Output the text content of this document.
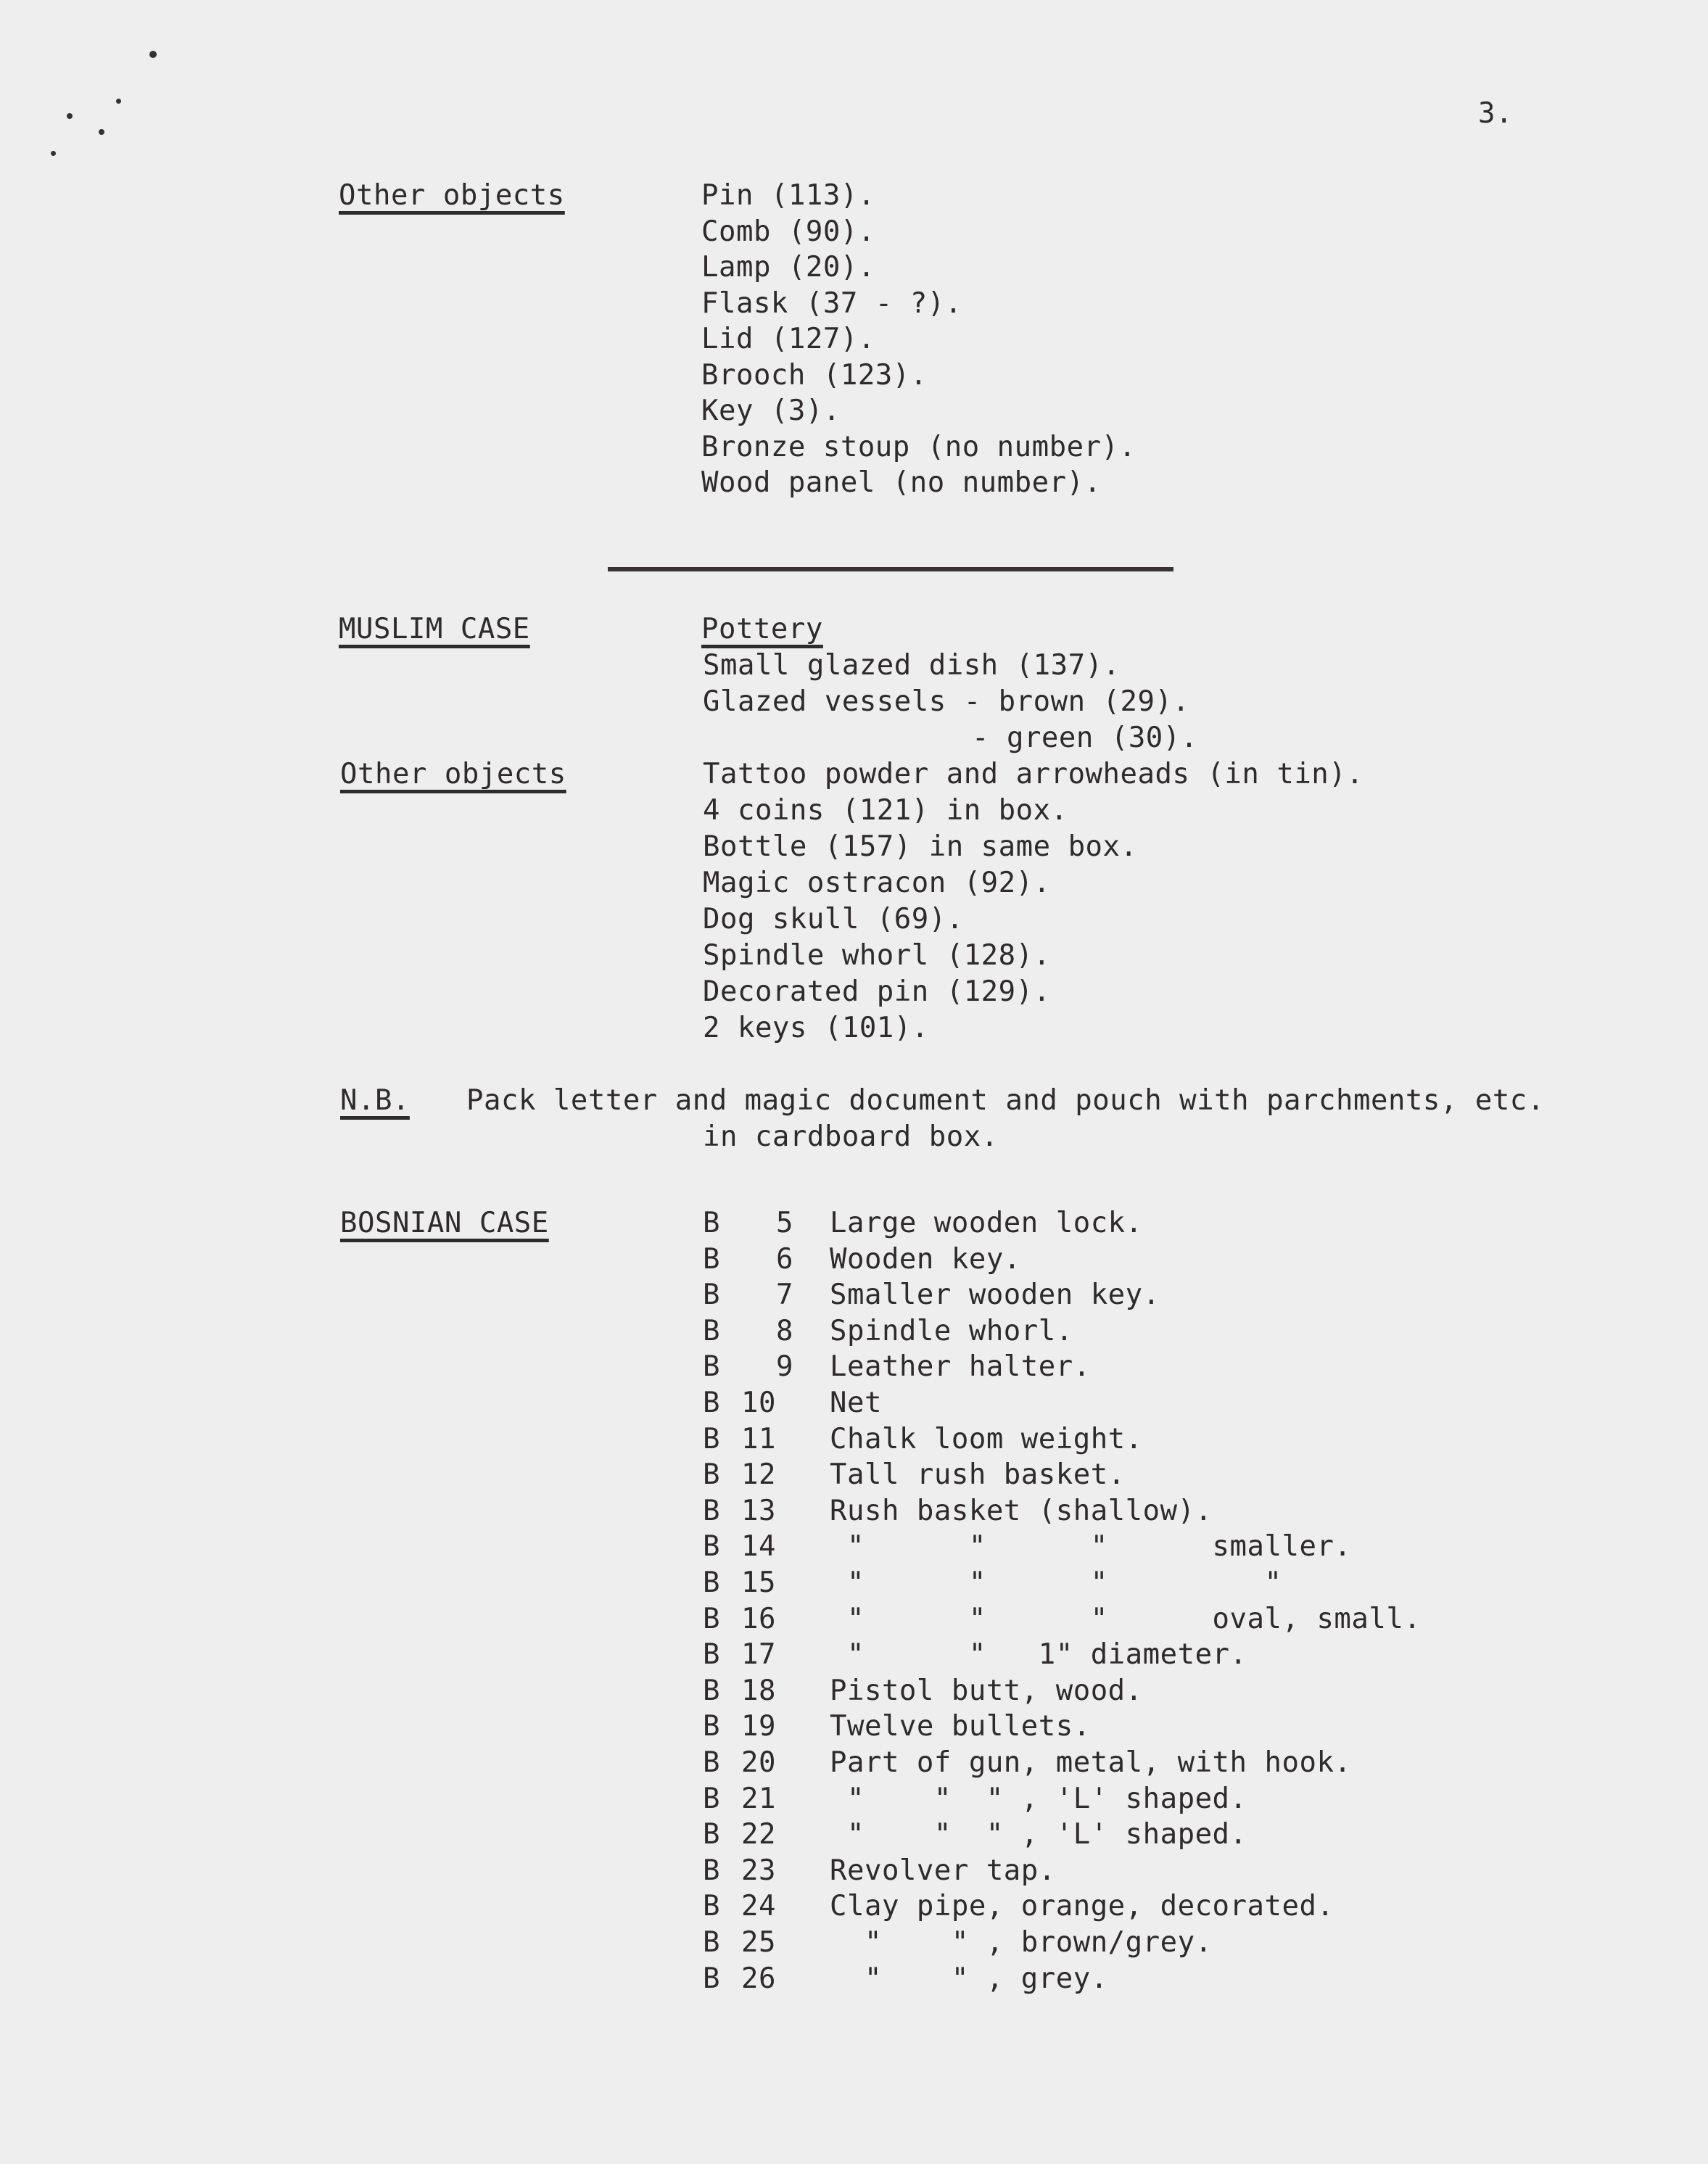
3.
Other objects	Pin (113).
Comb (90).
Lamp (20).
Flask (37 - ?).
Lid (127).
Brooch (123).
Key (3).
Bronze stoup (no number).
Wood panel (no number).
MUSLIM CASE	Pottery
Small glazed dish (137).
Glazed vessels - brown (29).
- green (30).
Other objects	Tattoo powder and arrowheads (in tin).
4 coins (121) in box.
Bottle (157) in same box.
Magic ostracon (92).
Dog skull (69).
Spindle whorl (128).
Decorated pin (129).
2 keys (101).
N.B. Pack letter and magic document and pouch with parchments, etc.
in cardboard box.
BOSNIAN CASE	B	5 Large wooden lock.
B	6 Wooden key.
B	7 Smaller wooden key.
B	8 Spindle whorl.
B	9 Leather halter.
B 10	Net
B 11	Chalk loom weight.
B 12	Tall rush basket.
B 13	Rush basket (shallow).
B 14	"      "      "      smaller.
B 15	"      "      "         "
B 16	"      "      "      oval, small.
B 17	"      "   1" diameter.
B 18	Pistol butt, wood.
B 19	Twelve bullets.
B 20	Part of gun, metal, with hook.
B 21	"    "  " , 'L' shaped.
B 22	"    "  " , 'L' shaped.
B 23	Revolver tap.
B 24	Clay pipe, orange, decorated.
B 25	"    " , brown/grey.
B 26	"    " , grey.
